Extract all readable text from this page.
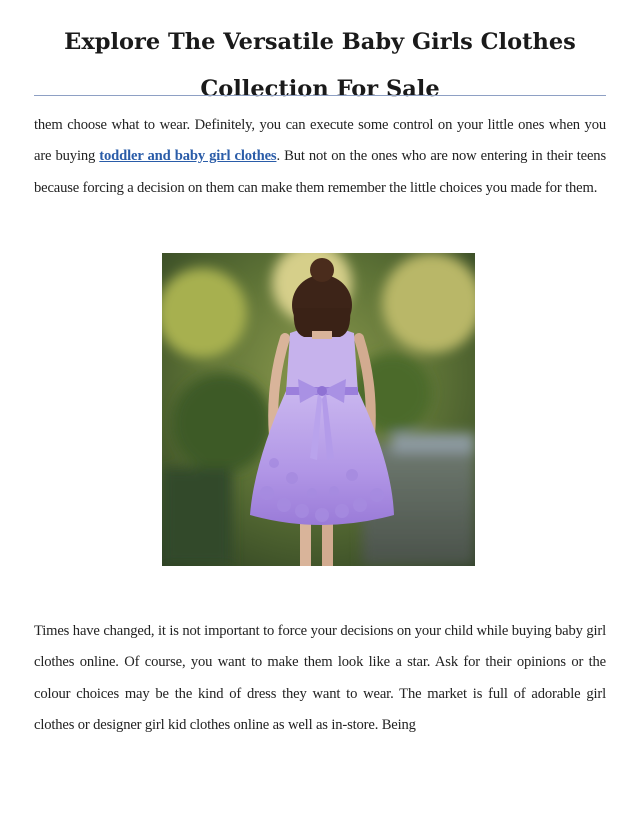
Explore The Versatile Baby Girls Clothes Collection For Sale

them choose what to wear. Definitely, you can execute some control on your little ones when you are buying toddler and baby girl clothes. But not on the ones who are now entering in their teens because forcing a decision on them can make them remember the little choices you made for them.

Times have changed, it is not important to force your decisions on your child while buying baby girl clothes online. Of course, you want to make them look like a star. Ask for their opinions or the colour choices may be the kind of dress they want to wear. The market is full of adorable girl clothes or designer girl kid clothes online as well as in-store. Being
